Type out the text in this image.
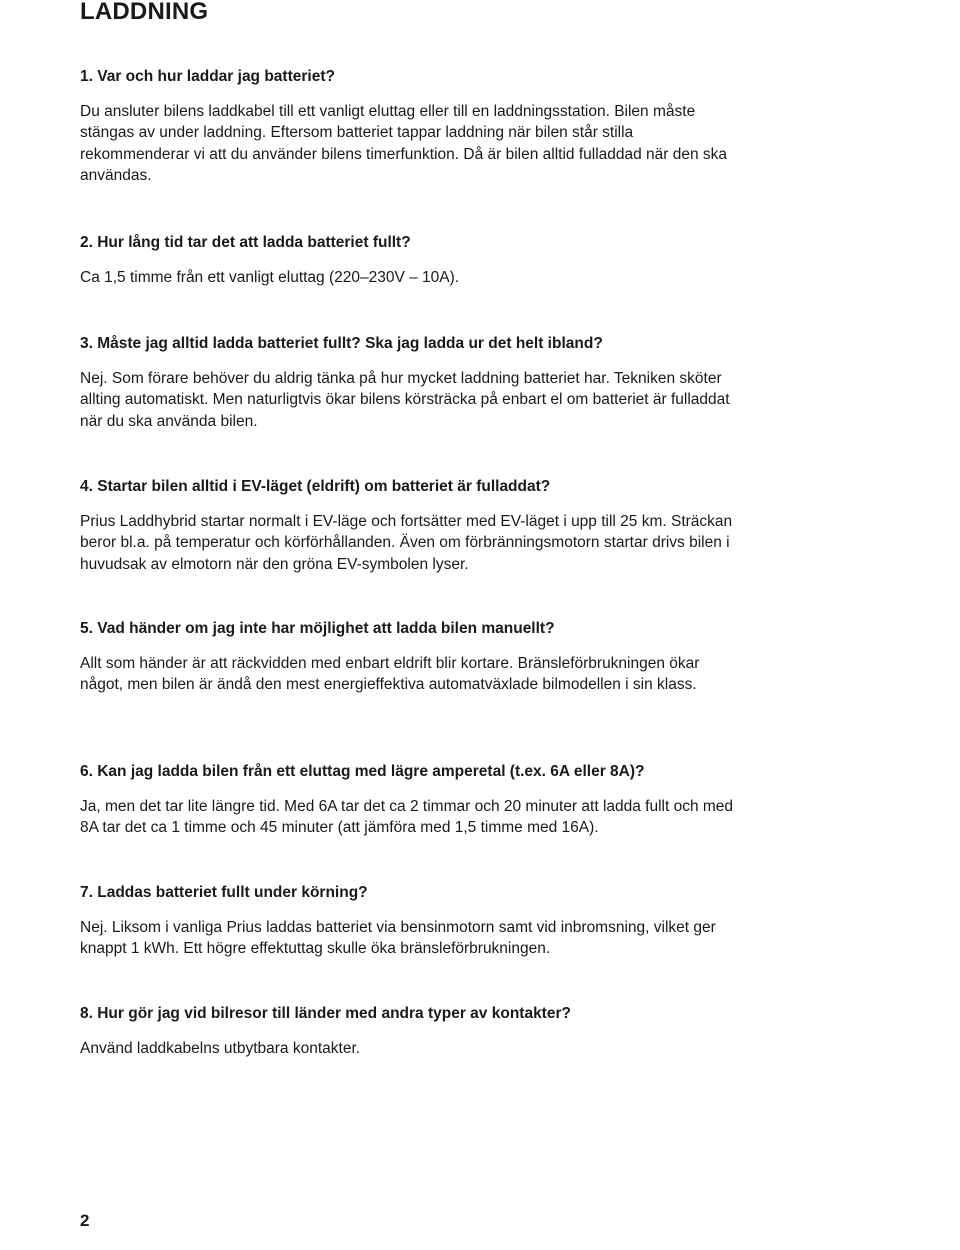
LADDNING

1. Var och hur laddar jag batteriet?

Du ansluter bilens laddkabel till ett vanligt eluttag eller till en laddningsstation. Bilen måste stängas av under laddning. Eftersom batteriet tappar laddning när bilen står stilla rekommenderar vi att du använder bilens timerfunktion. Då är bilen alltid fulladdad när den ska användas.

2. Hur lång tid tar det att ladda batteriet fullt?

Ca 1,5 timme från ett vanligt eluttag (220–230V – 10A).

3. Måste jag alltid ladda batteriet fullt? Ska jag ladda ur det helt ibland?

Nej. Som förare behöver du aldrig tänka på hur mycket laddning batteriet har. Tekniken sköter allting automatiskt. Men naturligtvis ökar bilens körsträcka på enbart el om batteriet är fulladdat när du ska använda bilen.

4. Startar bilen alltid i EV-läget (eldrift) om batteriet är fulladdat?

Prius Laddhybrid startar normalt i EV-läge och fortsätter med EV-läget i upp till 25 km. Sträckan beror bl.a. på temperatur och körförhållanden. Även om förbränningsmotorn startar drivs bilen i huvudsak av elmotorn när den gröna EV-symbolen lyser.

5. Vad händer om jag inte har möjlighet att ladda bilen manuellt?

Allt som händer är att räckvidden med enbart eldrift blir kortare. Bränsleförbrukningen ökar något, men bilen är ändå den mest energieffektiva automatväxlade bilmodellen i sin klass.

6. Kan jag ladda bilen från ett eluttag med lägre amperetal (t.ex. 6A eller 8A)?

Ja, men det tar lite längre tid. Med 6A tar det ca 2 timmar och 20 minuter att ladda fullt och med 8A tar det ca 1 timme och 45 minuter (att jämföra med 1,5 timme med 16A).

7. Laddas batteriet fullt under körning?

Nej. Liksom i vanliga Prius laddas batteriet via bensinmotorn samt vid inbromsning, vilket ger knappt 1 kWh. Ett högre effektuttag skulle öka bränsleförbrukningen.

8. Hur gör jag vid bilresor till länder med andra typer av kontakter?

Använd laddkabelns utbytbara kontakter.

2
